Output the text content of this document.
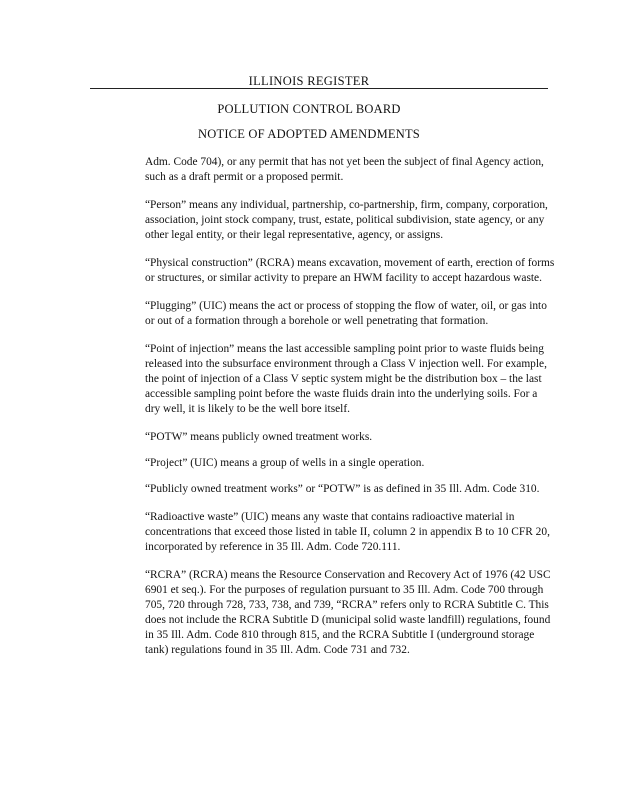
ILLINOIS REGISTER
POLLUTION CONTROL BOARD
NOTICE OF ADOPTED AMENDMENTS

Adm. Code 704), or any permit that has not yet been the subject of final Agency action, such as a draft permit or a proposed permit.

“Person” means any individual, partnership, co-partnership, firm, company, corporation, association, joint stock company, trust, estate, political subdivision, state agency, or any other legal entity, or their legal representative, agency, or assigns.

“Physical construction” (RCRA) means excavation, movement of earth, erection of forms or structures, or similar activity to prepare an HWM facility to accept hazardous waste.

“Plugging” (UIC) means the act or process of stopping the flow of water, oil, or gas into or out of a formation through a borehole or well penetrating that formation.

“Point of injection” means the last accessible sampling point prior to waste fluids being released into the subsurface environment through a Class V injection well. For example, the point of injection of a Class V septic system might be the distribution box – the last accessible sampling point before the waste fluids drain into the underlying soils. For a dry well, it is likely to be the well bore itself.

“POTW” means publicly owned treatment works.

“Project” (UIC) means a group of wells in a single operation.

“Publicly owned treatment works” or “POTW” is as defined in 35 Ill. Adm. Code 310.

“Radioactive waste” (UIC) means any waste that contains radioactive material in concentrations that exceed those listed in table II, column 2 in appendix B to 10 CFR 20, incorporated by reference in 35 Ill. Adm. Code 720.111.

“RCRA” (RCRA) means the Resource Conservation and Recovery Act of 1976 (42 USC 6901 et seq.). For the purposes of regulation pursuant to 35 Ill. Adm. Code 700 through 705, 720 through 728, 733, 738, and 739, “RCRA” refers only to RCRA Subtitle C. This does not include the RCRA Subtitle D (municipal solid waste landfill) regulations, found in 35 Ill. Adm. Code 810 through 815, and the RCRA Subtitle I (underground storage tank) regulations found in 35 Ill. Adm. Code 731 and 732.
